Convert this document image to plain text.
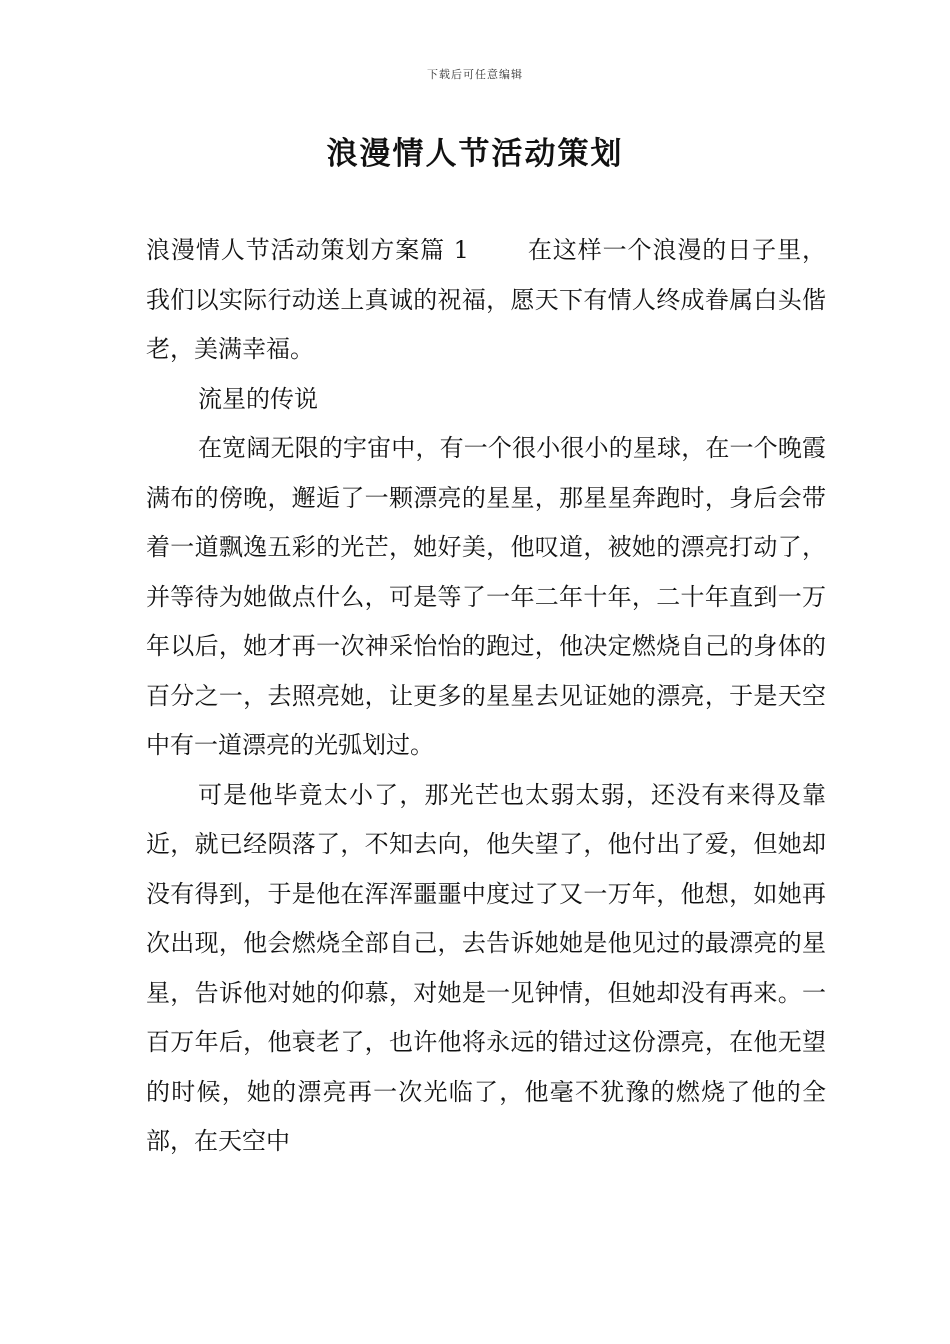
下载后可任意编辑
浪漫情人节活动策划

浪漫情人节活动策划方案篇 1 在这样一个浪漫的日子里，我们以实际行动送上真诚的祝福，愿天下有情人终成眷属白头偕老，美满幸福。

流星的传说

在宽阔无限的宇宙中，有一个很小很小的星球，在一个晚霞满布的傍晚，邂逅了一颗漂亮的星星，那星星奔跑时，身后会带着一道飘逸五彩的光芒，她好美，他叹道，被她的漂亮打动了，并等待为她做点什么，可是等了一年二年十年，二十年直到一万年以后，她才再一次神采怡怡的跑过，他决定燃烧自己的身体的百分之一，去照亮她，让更多的星星去见证她的漂亮，于是天空中有一道漂亮的光弧划过。

可是他毕竟太小了，那光芒也太弱太弱，还没有来得及靠近，就已经陨落了，不知去向，他失望了，他付出了爱，但她却没有得到，于是他在浑浑噩噩中度过了又一万年，他想，如她再次出现，他会燃烧全部自己，去告诉她她是他见过的最漂亮的星星，告诉他对她的仰慕，对她是一见钟情，但她却没有再来。一百万年后，他衰老了，也许他将永远的错过这份漂亮，在他无望的时候，她的漂亮再一次光临了，他毫不犹豫的燃烧了他的全部，在天空中
